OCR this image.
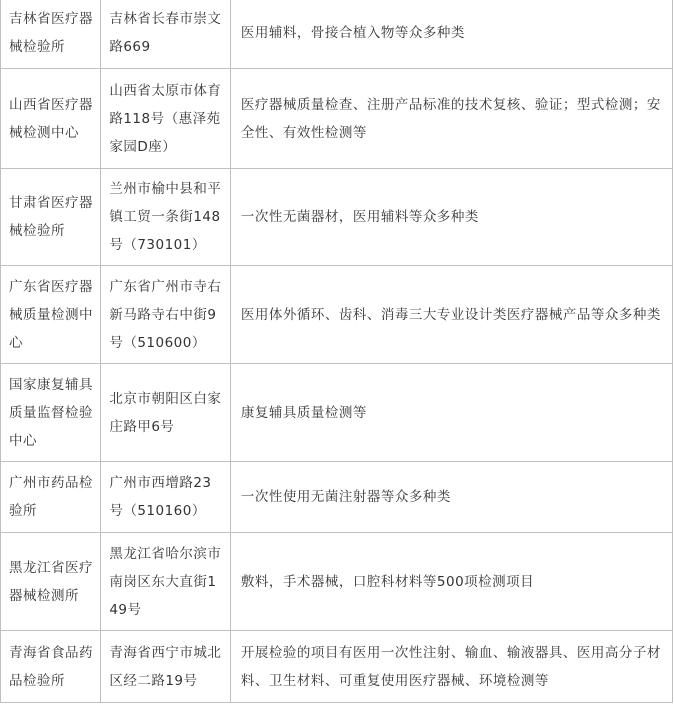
吉林省医疗器械检验所	吉林省长春市崇文路669	医用辅料，骨接合植入物等众多种类
山西省医疗器械检测中心	山西省太原市体育路118号（惠泽苑家园D座）	医疗器械质量检查、注册产品标准的技术复核、验证；型式检测；安全性、有效性检测等
甘肃省医疗器械检验所	兰州市榆中县和平镇工贸一条街148号（730101）	一次性无菌器材，医用辅料等众多种类
广东省医疗器械质量检测中心	广东省广州市寺右新马路寺右中街9号（510600）	医用体外循环、齿科、消毒三大专业设计类医疗器械产品等众多种类
国家康复辅具质量监督检验中心	北京市朝阳区白家庄路甲6号	康复辅具质量检测等
广州市药品检验所	广州市西增路23号（510160）	一次性使用无菌注射器等众多种类
黑龙江省医疗器械检测所	黑龙江省哈尔滨市南岗区东大直街149号	敷料，手术器械，口腔科材料等500项检测项目
青海省食品药品检验所	青海省西宁市城北区经二路19号	开展检验的项目有医用一次性注射、输血、输液器具、医用高分子材料、卫生材料、可重复使用医疗器械、环境检测等
